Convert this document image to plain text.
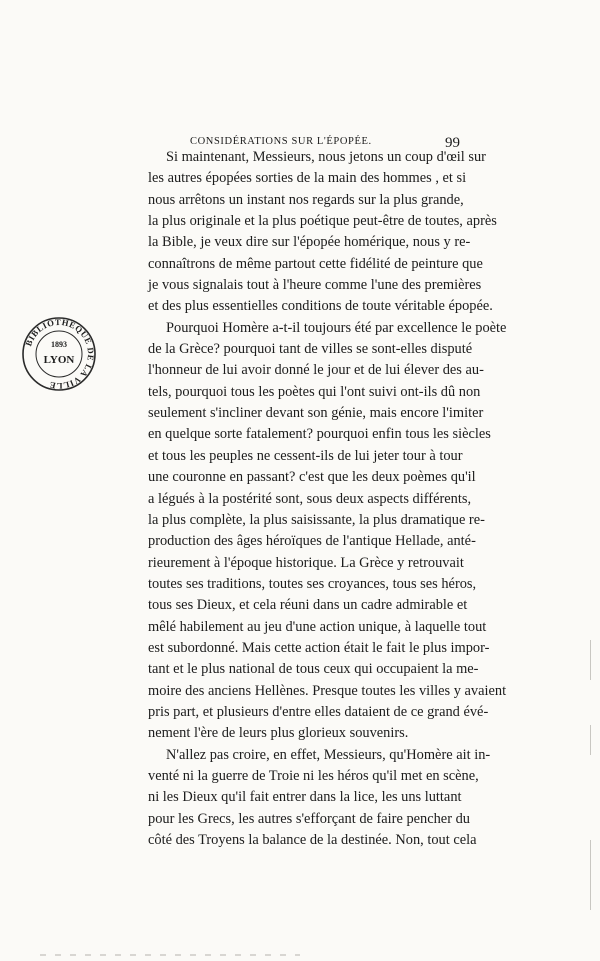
CONSIDÉRATIONS SUR L'ÉPOPÉE.	99
BIBLIOTHÈQUE DE LA VILLE
1893
LYON
Si maintenant, Messieurs, nous jetons un coup d'œil sur
les autres épopées sorties de la main des hommes , et si
nous arrêtons un instant nos regards sur la plus grande,
la plus originale et la plus poétique peut-être de toutes, après
la Bible, je veux dire sur l'épopée homérique, nous y re-
connaîtrons de même partout cette fidélité de peinture que
je vous signalais tout à l'heure comme l'une des premières
et des plus essentielles conditions de toute véritable épopée.
Pourquoi Homère a-t-il toujours été par excellence le poète
de la Grèce? pourquoi tant de villes se sont-elles disputé
l'honneur de lui avoir donné le jour et de lui élever des au-
tels, pourquoi tous les poètes qui l'ont suivi ont-ils dû non
seulement s'incliner devant son génie, mais encore l'imiter
en quelque sorte fatalement? pourquoi enfin tous les siècles
et tous les peuples ne cessent-ils de lui jeter tour à tour
une couronne en passant? c'est que les deux poèmes qu'il
a légués à la postérité sont, sous deux aspects différents,
la plus complète, la plus saisissante, la plus dramatique re-
production des âges héroïques de l'antique Hellade, anté-
rieurement à l'époque historique. La Grèce y retrouvait
toutes ses traditions, toutes ses croyances, tous ses héros,
tous ses Dieux, et cela réuni dans un cadre admirable et
mêlé habilement au jeu d'une action unique, à laquelle tout
est subordonné. Mais cette action était le fait le plus impor-
tant et le plus national de tous ceux qui occupaient la me-
moire des anciens Hellènes. Presque toutes les villes y avaient
pris part, et plusieurs d'entre elles dataient de ce grand évé-
nement l'ère de leurs plus glorieux souvenirs.
N'allez pas croire, en effet, Messieurs, qu'Homère ait in-
venté ni la guerre de Troie ni les héros qu'il met en scène,
ni les Dieux qu'il fait entrer dans la lice, les uns luttant
pour les Grecs, les autres s'efforçant de faire pencher du
côté des Troyens la balance de la destinée. Non, tout cela
